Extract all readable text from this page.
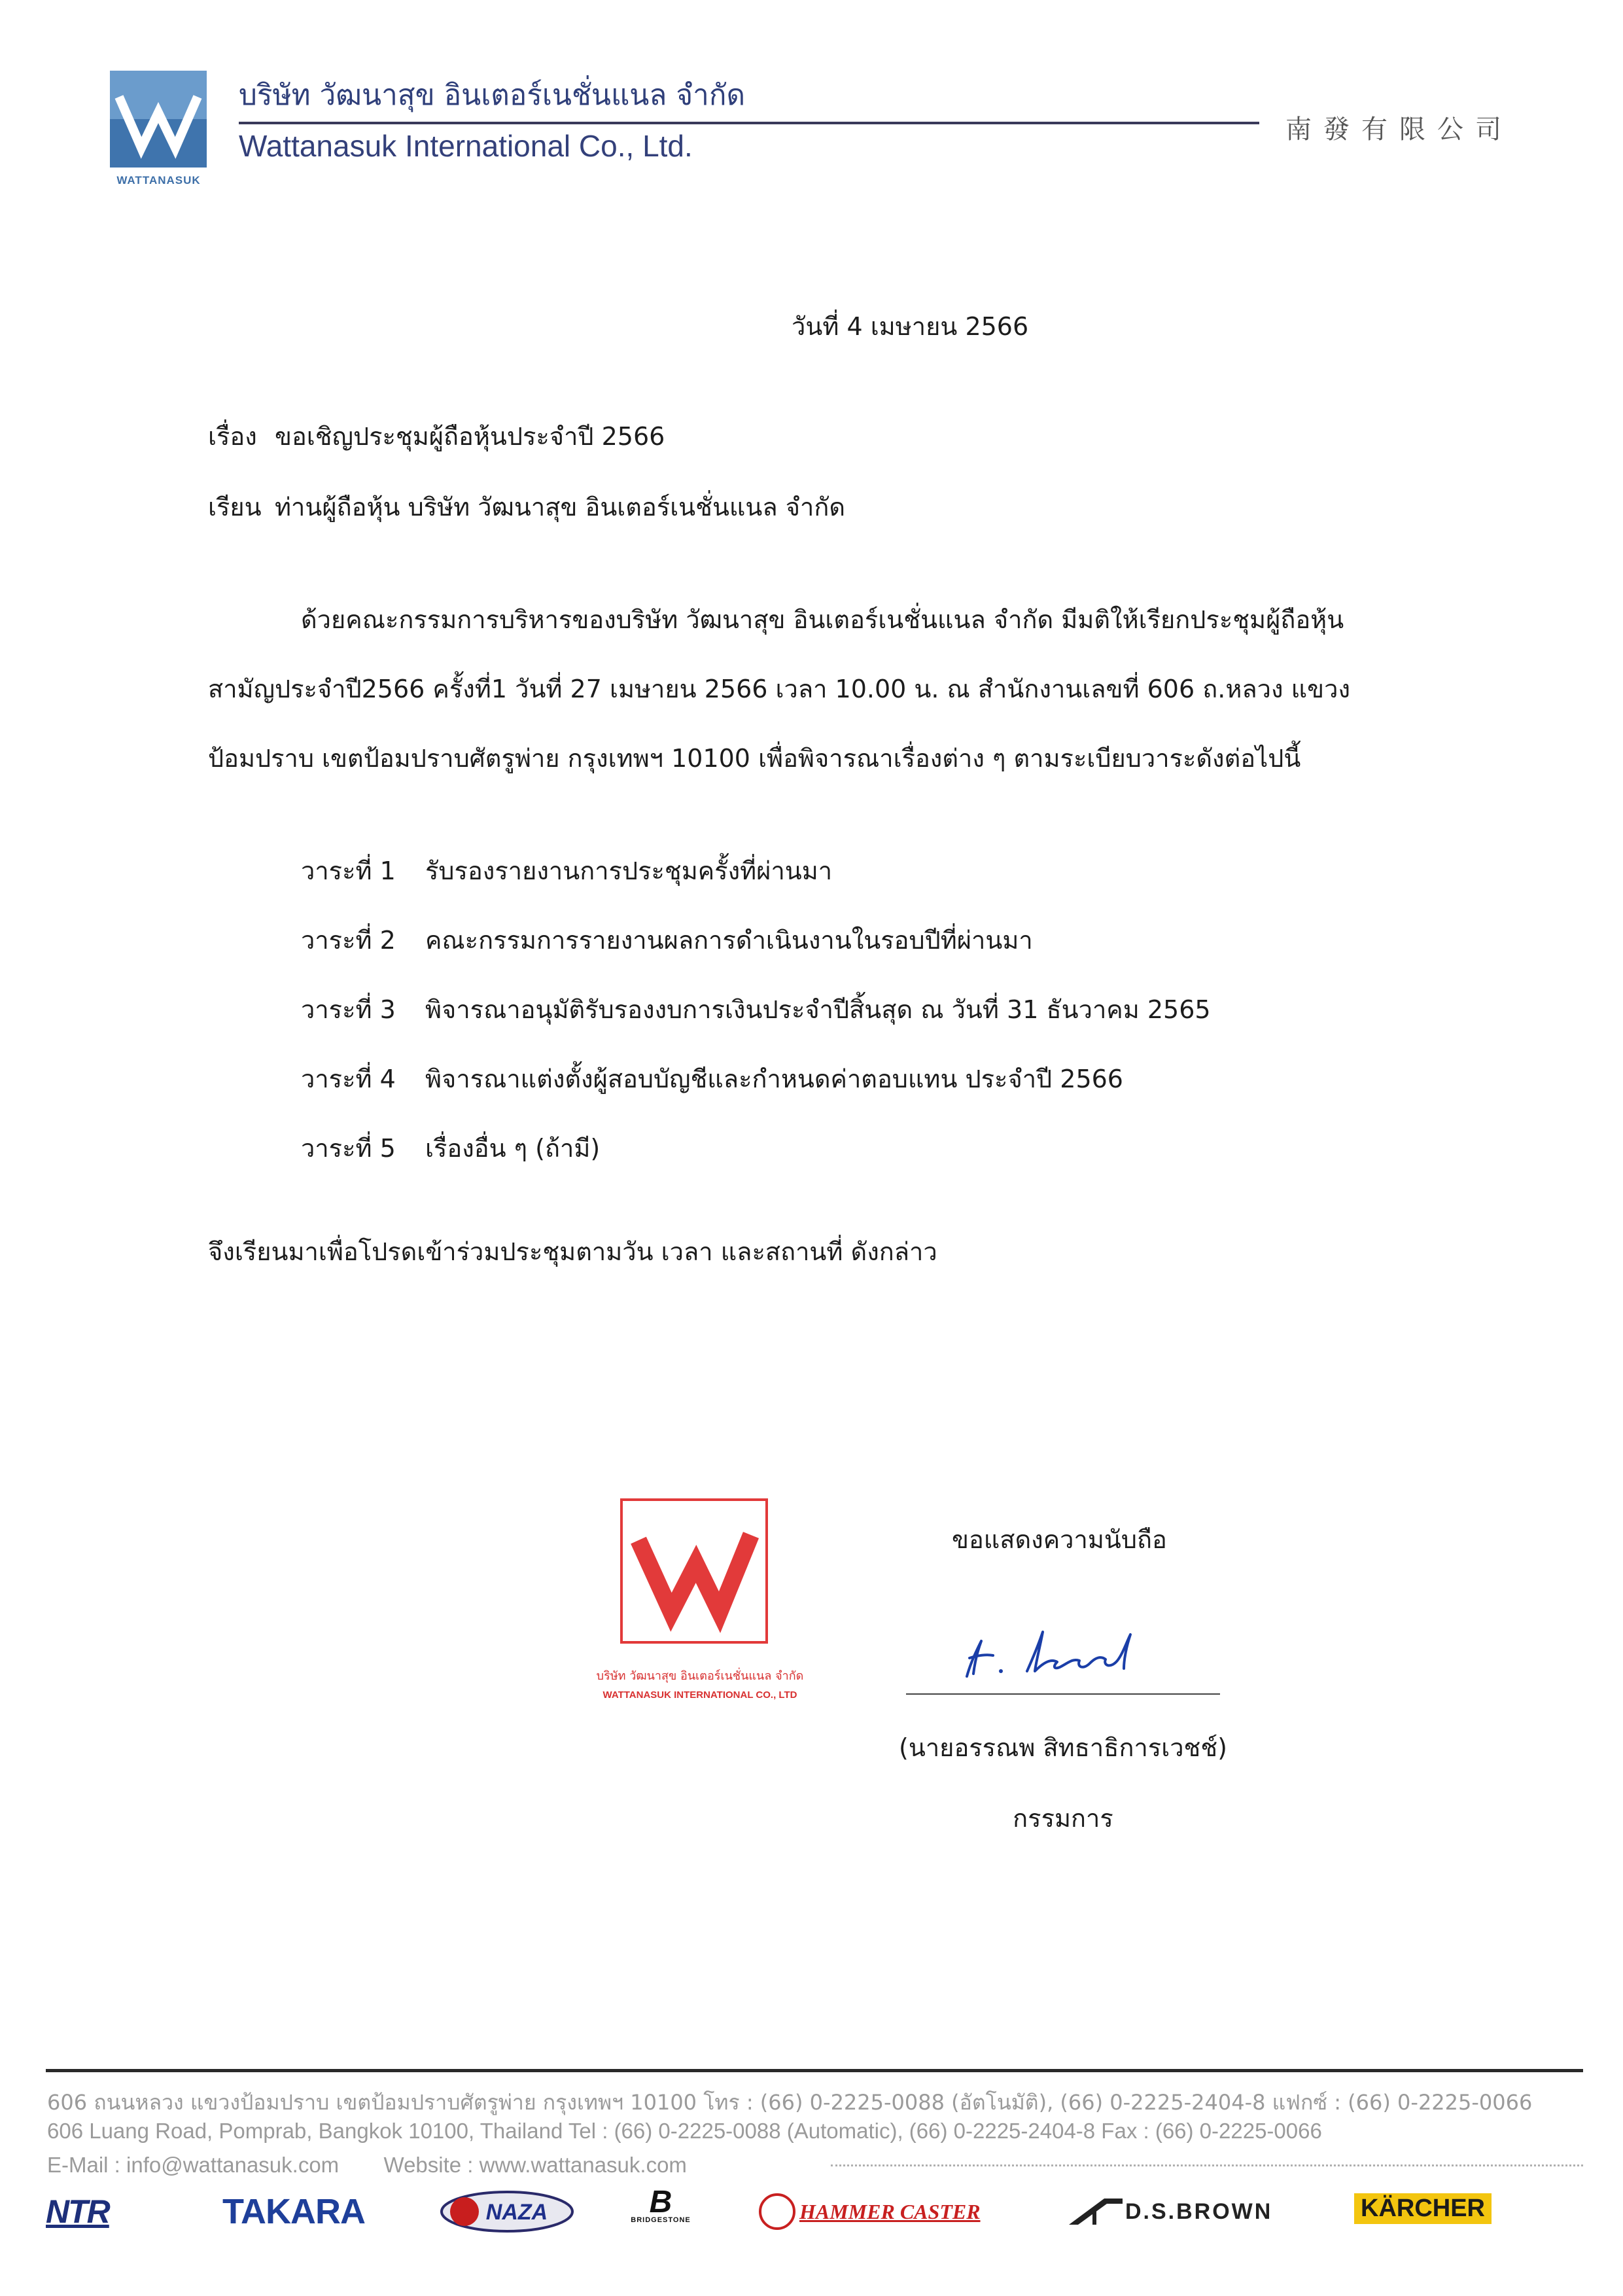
WATTANASUK
บริษัท วัฒนาสุข อินเตอร์เนชั่นแนล จำกัด
Wattanasuk International Co., Ltd.	南發有限公司
วันที่ 4 เมษายน 2566
เรื่อง ขอเชิญประชุมผู้ถือหุ้นประจำปี 2566
เรียน ท่านผู้ถือหุ้น บริษัท วัฒนาสุข อินเตอร์เนชั่นแนล จำกัด
ด้วยคณะกรรมการบริหารของบริษัท วัฒนาสุข อินเตอร์เนชั่นแนล จำกัด มีมติให้เรียกประชุมผู้ถือหุ้น
สามัญประจำปี2566 ครั้งที่1 วันที่ 27 เมษายน 2566 เวลา 10.00 น. ณ สำนักงานเลขที่ 606 ถ.หลวง แขวง
ป้อมปราบ เขตป้อมปราบศัตรูพ่าย กรุงเทพฯ 10100 เพื่อพิจารณาเรื่องต่าง ๆ ตามระเบียบวาระดังต่อไปนี้
วาระที่ 1 รับรองรายงานการประชุมครั้งที่ผ่านมา
วาระที่ 2 คณะกรรมการรายงานผลการดำเนินงานในรอบปีที่ผ่านมา
วาระที่ 3 พิจารณาอนุมัติรับรองงบการเงินประจำปีสิ้นสุด ณ วันที่ 31 ธันวาคม 2565
วาระที่ 4 พิจารณาแต่งตั้งผู้สอบบัญชีและกำหนดค่าตอบแทน ประจำปี 2566
วาระที่ 5 เรื่องอื่น ๆ (ถ้ามี)
จึงเรียนมาเพื่อโปรดเข้าร่วมประชุมตามวัน เวลา และสถานที่ ดังกล่าว
บริษัท วัฒนาสุข อินเตอร์เนชั่นแนล จำกัด
WATTANASUK INTERNATIONAL CO., LTD
ขอแสดงความนับถือ
(นายอรรณพ สิทธาธิการเวชช์)
กรรมการ
606 ถนนหลวง แขวงป้อมปราบ เขตป้อมปราบศัตรูพ่าย กรุงเทพฯ 10100 โทร : (66) 0-2225-0088 (อัตโนมัติ), (66) 0-2225-2404-8 แฟกซ์ : (66) 0-2225-0066
606 Luang Road, Pomprab, Bangkok 10100, Thailand Tel : (66) 0-2225-0088 (Automatic), (66) 0-2225-2404-8 Fax : (66) 0-2225-0066
E-Mail : info@wattanasuk.com Website : www.wattanasuk.com
NTR	TAKARA	NAZA	B
BRIDGESTONE	HAMMER CASTER	D.S.BROWN	KÄRCHER
